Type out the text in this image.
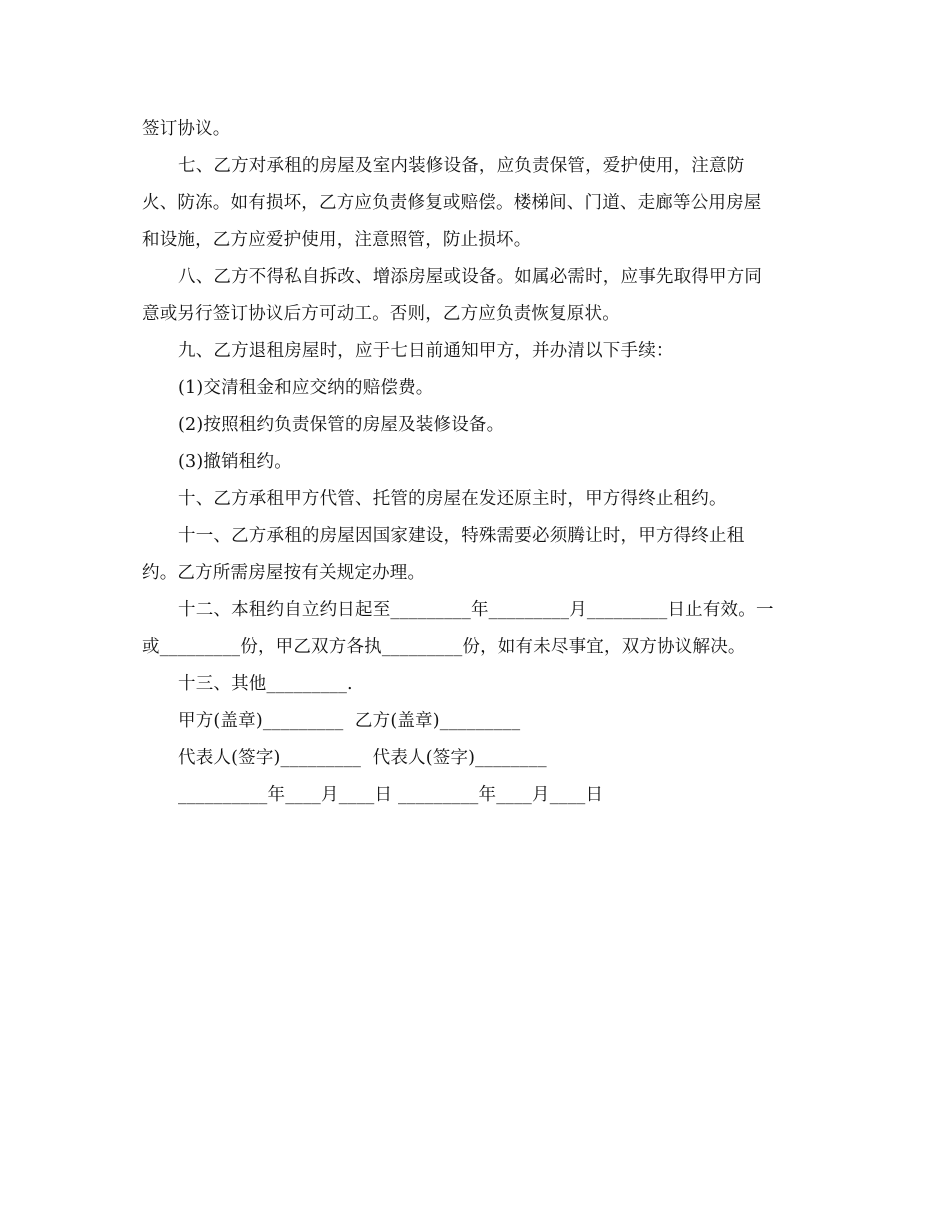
签订协议。
七、乙方对承租的房屋及室内装修设备，应负责保管，爱护使用，注意防
火、防冻。如有损坏，乙方应负责修复或赔偿。楼梯间、门道、走廊等公用房屋
和设施，乙方应爱护使用，注意照管，防止损坏。
八、乙方不得私自拆改、增添房屋或设备。如属必需时，应事先取得甲方同
意或另行签订协议后方可动工。否则，乙方应负责恢复原状。
九、乙方退租房屋时，应于七日前通知甲方，并办清以下手续：
(1)交清租金和应交纳的赔偿费。
(2)按照租约负责保管的房屋及装修设备。
(3)撤销租约。
十、乙方承租甲方代管、托管的房屋在发还原主时，甲方得终止租约。
十一、乙方承租的房屋因国家建设，特殊需要必须腾让时，甲方得终止租
约。乙方所需房屋按有关规定办理。
十二、本租约自立约日起至_________年_________月_________日止有效。一
或_________份，甲乙双方各执_________份，如有未尽事宜，双方协议解决。
十三、其他_________.
甲方(盖章)_________  乙方(盖章)_________
代表人(签字)_________  代表人(签字)________
__________年____月____日 _________年____月____日
